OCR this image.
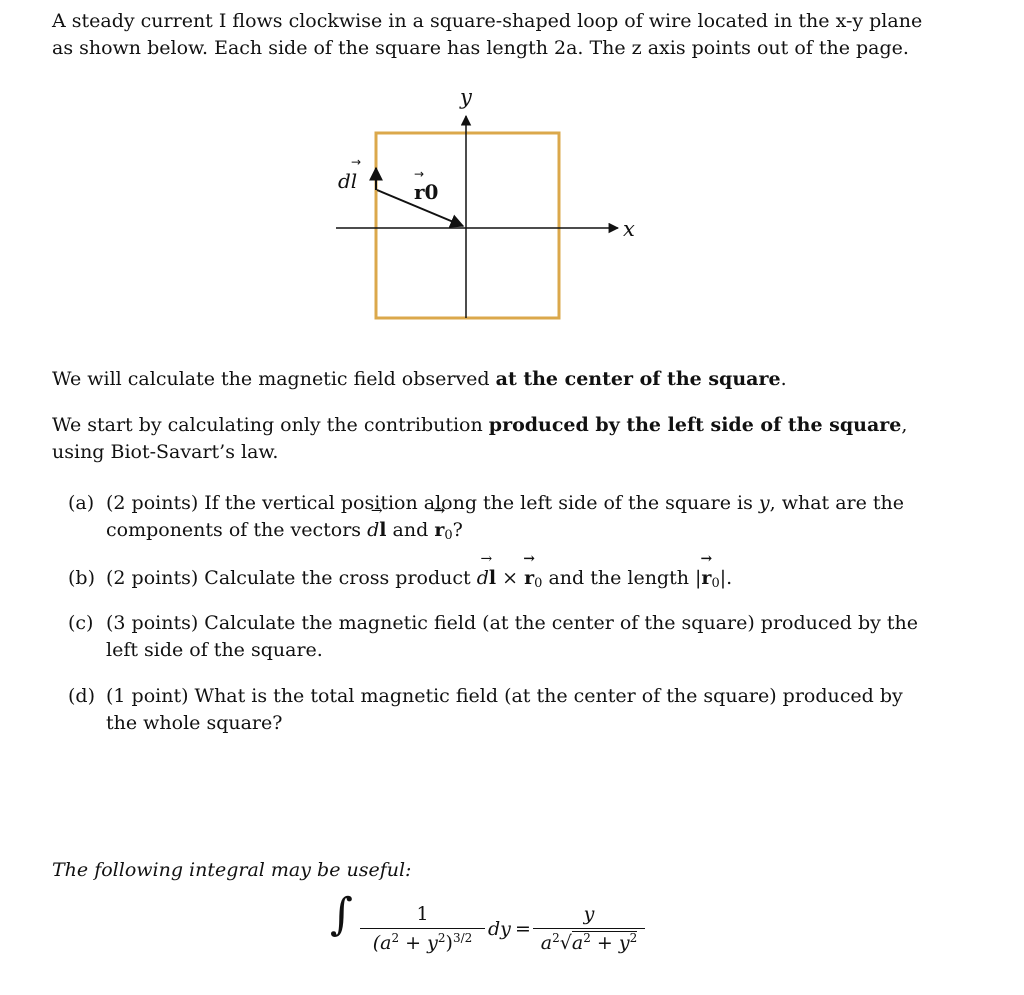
A steady current I flows clockwise in a square-shaped loop of wire located in the x-y plane
as shown below. Each side of the square has length 2a. The z axis points out of the page.

y
x
dl
→
r0
→

We will calculate the magnetic field observed at the center of the square.

We start by calculating only the contribution produced by the left side of the square,
using Biot-Savart’s law.

(a) (2 points) If the vertical position along the left side of the square is y, what are the
components of the vectors → dl and → $r_0$?
(b) (2 points) Calculate the cross product → dl × → $r_0$ and the length |→ $r_0|$.
(c) (3 points) Calculate the magnetic field (at the center of the square) produced by the
left side of the square.
(d) (1 point) What is the total magnetic field (at the center of the square) produced by
the whole square?

The following integral may be useful:

∫ $\frac{1}{(a^2 + y^2)^{3/2}}$ dy = $\frac{y}{a^2√a^2 + y^2}$
